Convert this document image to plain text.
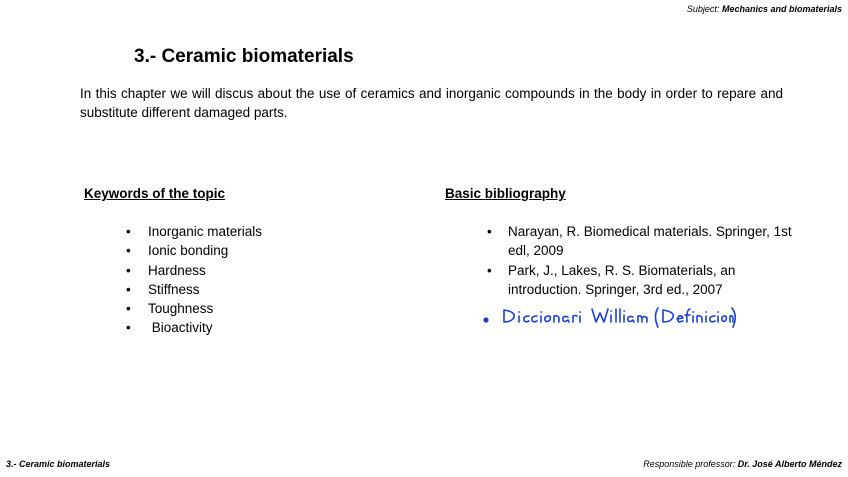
Subject: Mechanics and biomaterials
3.- Ceramic biomaterials

In this chapter we will discus about the use of ceramics and inorganic compounds in the body in order to repare and substitute different damaged parts.

Keywords of the topic
• Inorganic materials
• Ionic bonding
• Hardness
• Stiffness
• Toughness
•  Bioactivity
Basic bibliography
• Narayan, R. Biomedical materials. Springer, 1st edl, 2009
• Park, J., Lakes, R. S. Biomaterials, an introduction. Springer, 3rd ed., 2007
3.- Ceramic biomaterials	Responsible professor: Dr. José Alberto Méndez
